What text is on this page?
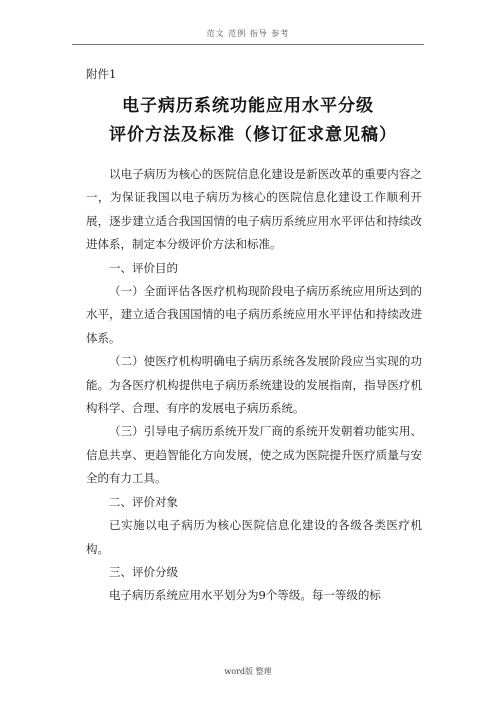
范文 范例 指导 参考
附件1
电子病历系统功能应用水平分级
评价方法及标准（修订征求意见稿）

以电子病历为核心的医院信息化建设是新医改革的重要内容之一，为保证我国以电子病历为核心的医院信息化建设工作顺利开展，逐步建立适合我国国情的电子病历系统应用水平评估和持续改进体系，制定本分级评价方法和标准。

一、评价目的

（一）全面评估各医疗机构现阶段电子病历系统应用所达到的水平，建立适合我国国情的电子病历系统应用水平评估和持续改进体系。

（二）使医疗机构明确电子病历系统各发展阶段应当实现的功能。为各医疗机构提供电子病历系统建设的发展指南，指导医疗机构科学、合理、有序的发展电子病历系统。

（三）引导电子病历系统开发厂商的系统开发朝着功能实用、信息共享、更趋智能化方向发展，使之成为医院提升医疗质量与安全的有力工具。

二、评价对象

已实施以电子病历为核心医院信息化建设的各级各类医疗机构。

三、评价分级

电子病历系统应用水平划分为9个等级。每一等级的标

word版 整理
